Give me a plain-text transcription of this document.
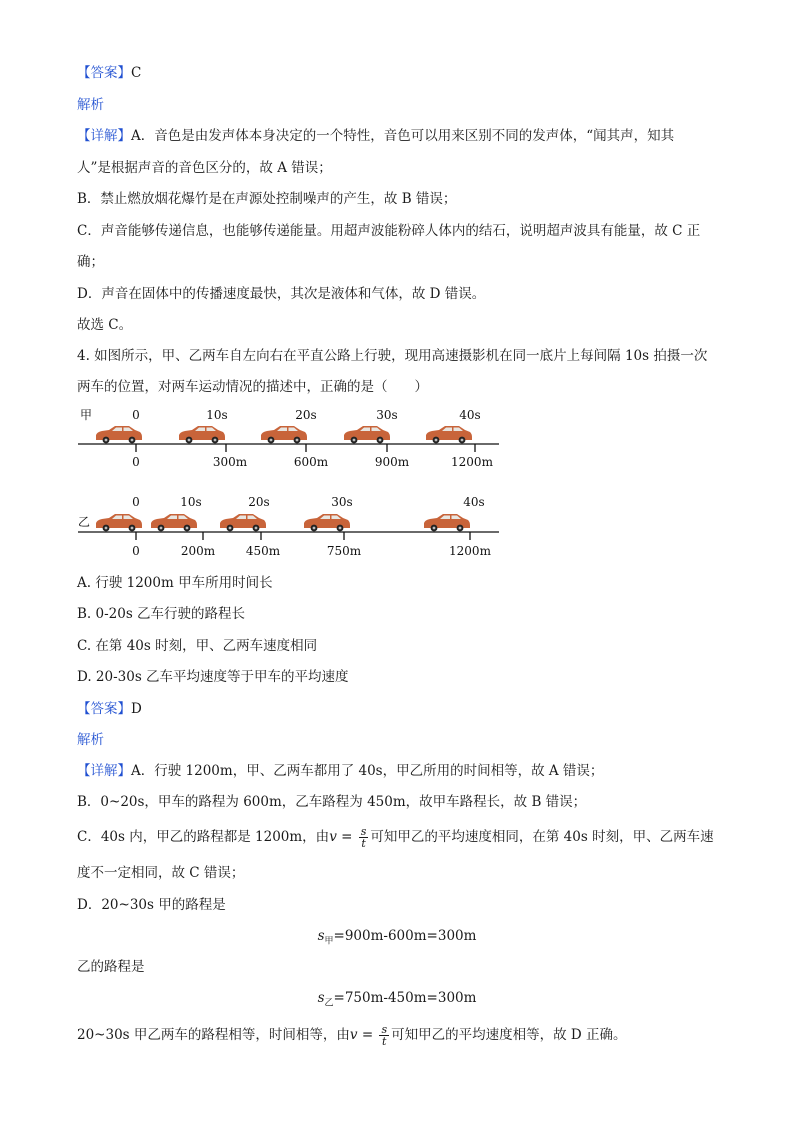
【答案】C
解析
【详解】A．音色是由发声体本身决定的一个特性，音色可以用来区别不同的发声体，“闻其声，知其
人”是根据声音的音色区分的，故 A 错误；
B．禁止燃放烟花爆竹是在声源处控制噪声的产生，故 B 错误；
C．声音能够传递信息，也能够传递能量。用超声波能粉碎人体内的结石，说明超声波具有能量，故 C 正
确；
D．声音在固体中的传播速度最快，其次是液体和气体，故 D 错误。
故选 C。
4. 如图所示，甲、乙两车自左向右在平直公路上行驶，现用高速摄影机在同一底片上每间隔 10s 拍摄一次
两车的位置，对两车运动情况的描述中，正确的是（　　）
甲	0	10s	20s	30s	40s
0	300m	600m	900m	1200m
乙
0	10s	20s	30s	40s
0	200m	450m	750m	1200m
A. 行驶 1200m 甲车所用时间长
B. 0-20s 乙车行驶的路程长
C. 在第 40s 时刻，甲、乙两车速度相同
D. 20-30s 乙车平均速度等于甲车的平均速度
【答案】D
解析
【详解】A．行驶 1200m，甲、乙两车都用了 40s，甲乙所用的时间相等，故 A 错误；
B．0~20s，甲车的路程为 600m，乙车路程为 450m，故甲车路程长，故 B 错误；
C．40s 内，甲乙的路程都是 1200m，由$v = \frac{s}{t}$ 可知甲乙的平均速度相同，在第 40s 时刻，甲、乙两车速
度不一定相同，故 C 错误；
D．20~30s 甲的路程是
$s_甲=900m-600m=300m$
乙的路程是
$s_乙=750m-450m=300m$
20~30s 甲乙两车的路程相等，时间相等，由$v = \frac{s}{t}$ 可知甲乙的平均速度相等，故 D 正确。
